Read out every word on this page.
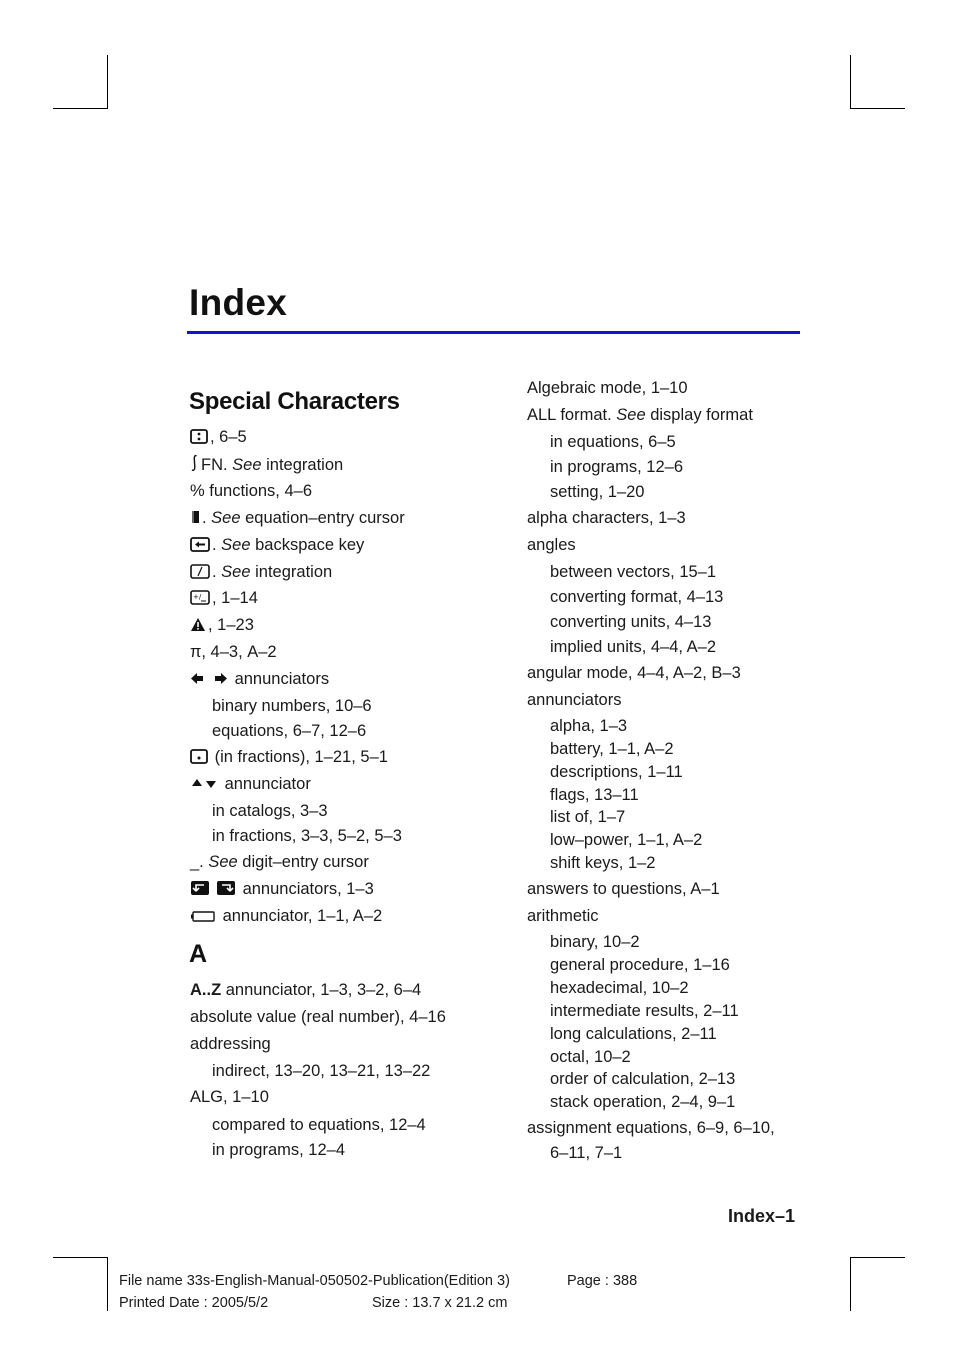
Index
Special Characters
, 6–5
FN. See integration
% functions, 4–6
. See equation–entry cursor
. See backspace key
. See integration
+/ , 1–14
, 1–23
π, 4–3, A–2
annunciators
binary numbers, 10–6
equations, 6–7, 12–6
(in fractions), 1–21, 5–1
annunciator
in catalogs, 3–3
in fractions, 3–3, 5–2, 5–3
_. See digit–entry cursor
annunciators, 1–3
annunciator, 1–1, A–2
A
A..Z annunciator, 1–3, 3–2, 6–4
absolute value (real number), 4–16
addressing
indirect, 13–20, 13–21, 13–22
ALG, 1–10
compared to equations, 12–4
in programs, 12–4
Algebraic mode, 1–10
ALL format. See display format
in equations, 6–5
in programs, 12–6
setting, 1–20
alpha characters, 1–3
angles
between vectors, 15–1
converting format, 4–13
converting units, 4–13
implied units, 4–4, A–2
angular mode, 4–4, A–2, B–3
annunciators
alpha, 1–3
battery, 1–1, A–2
descriptions, 1–11
flags, 13–11
list of, 1–7
low–power, 1–1, A–2
shift keys, 1–2
answers to questions, A–1
arithmetic
binary, 10–2
general procedure, 1–16
hexadecimal, 10–2
intermediate results, 2–11
long calculations, 2–11
octal, 10–2
order of calculation, 2–13
stack operation, 2–4, 9–1
assignment equations, 6–9, 6–10,
6–11, 7–1
Index–1
File name 33s-English-Manual-050502-Publication(Edition 3)	Page : 388
Printed Date : 2005/5/2	Size : 13.7 x 21.2 cm
